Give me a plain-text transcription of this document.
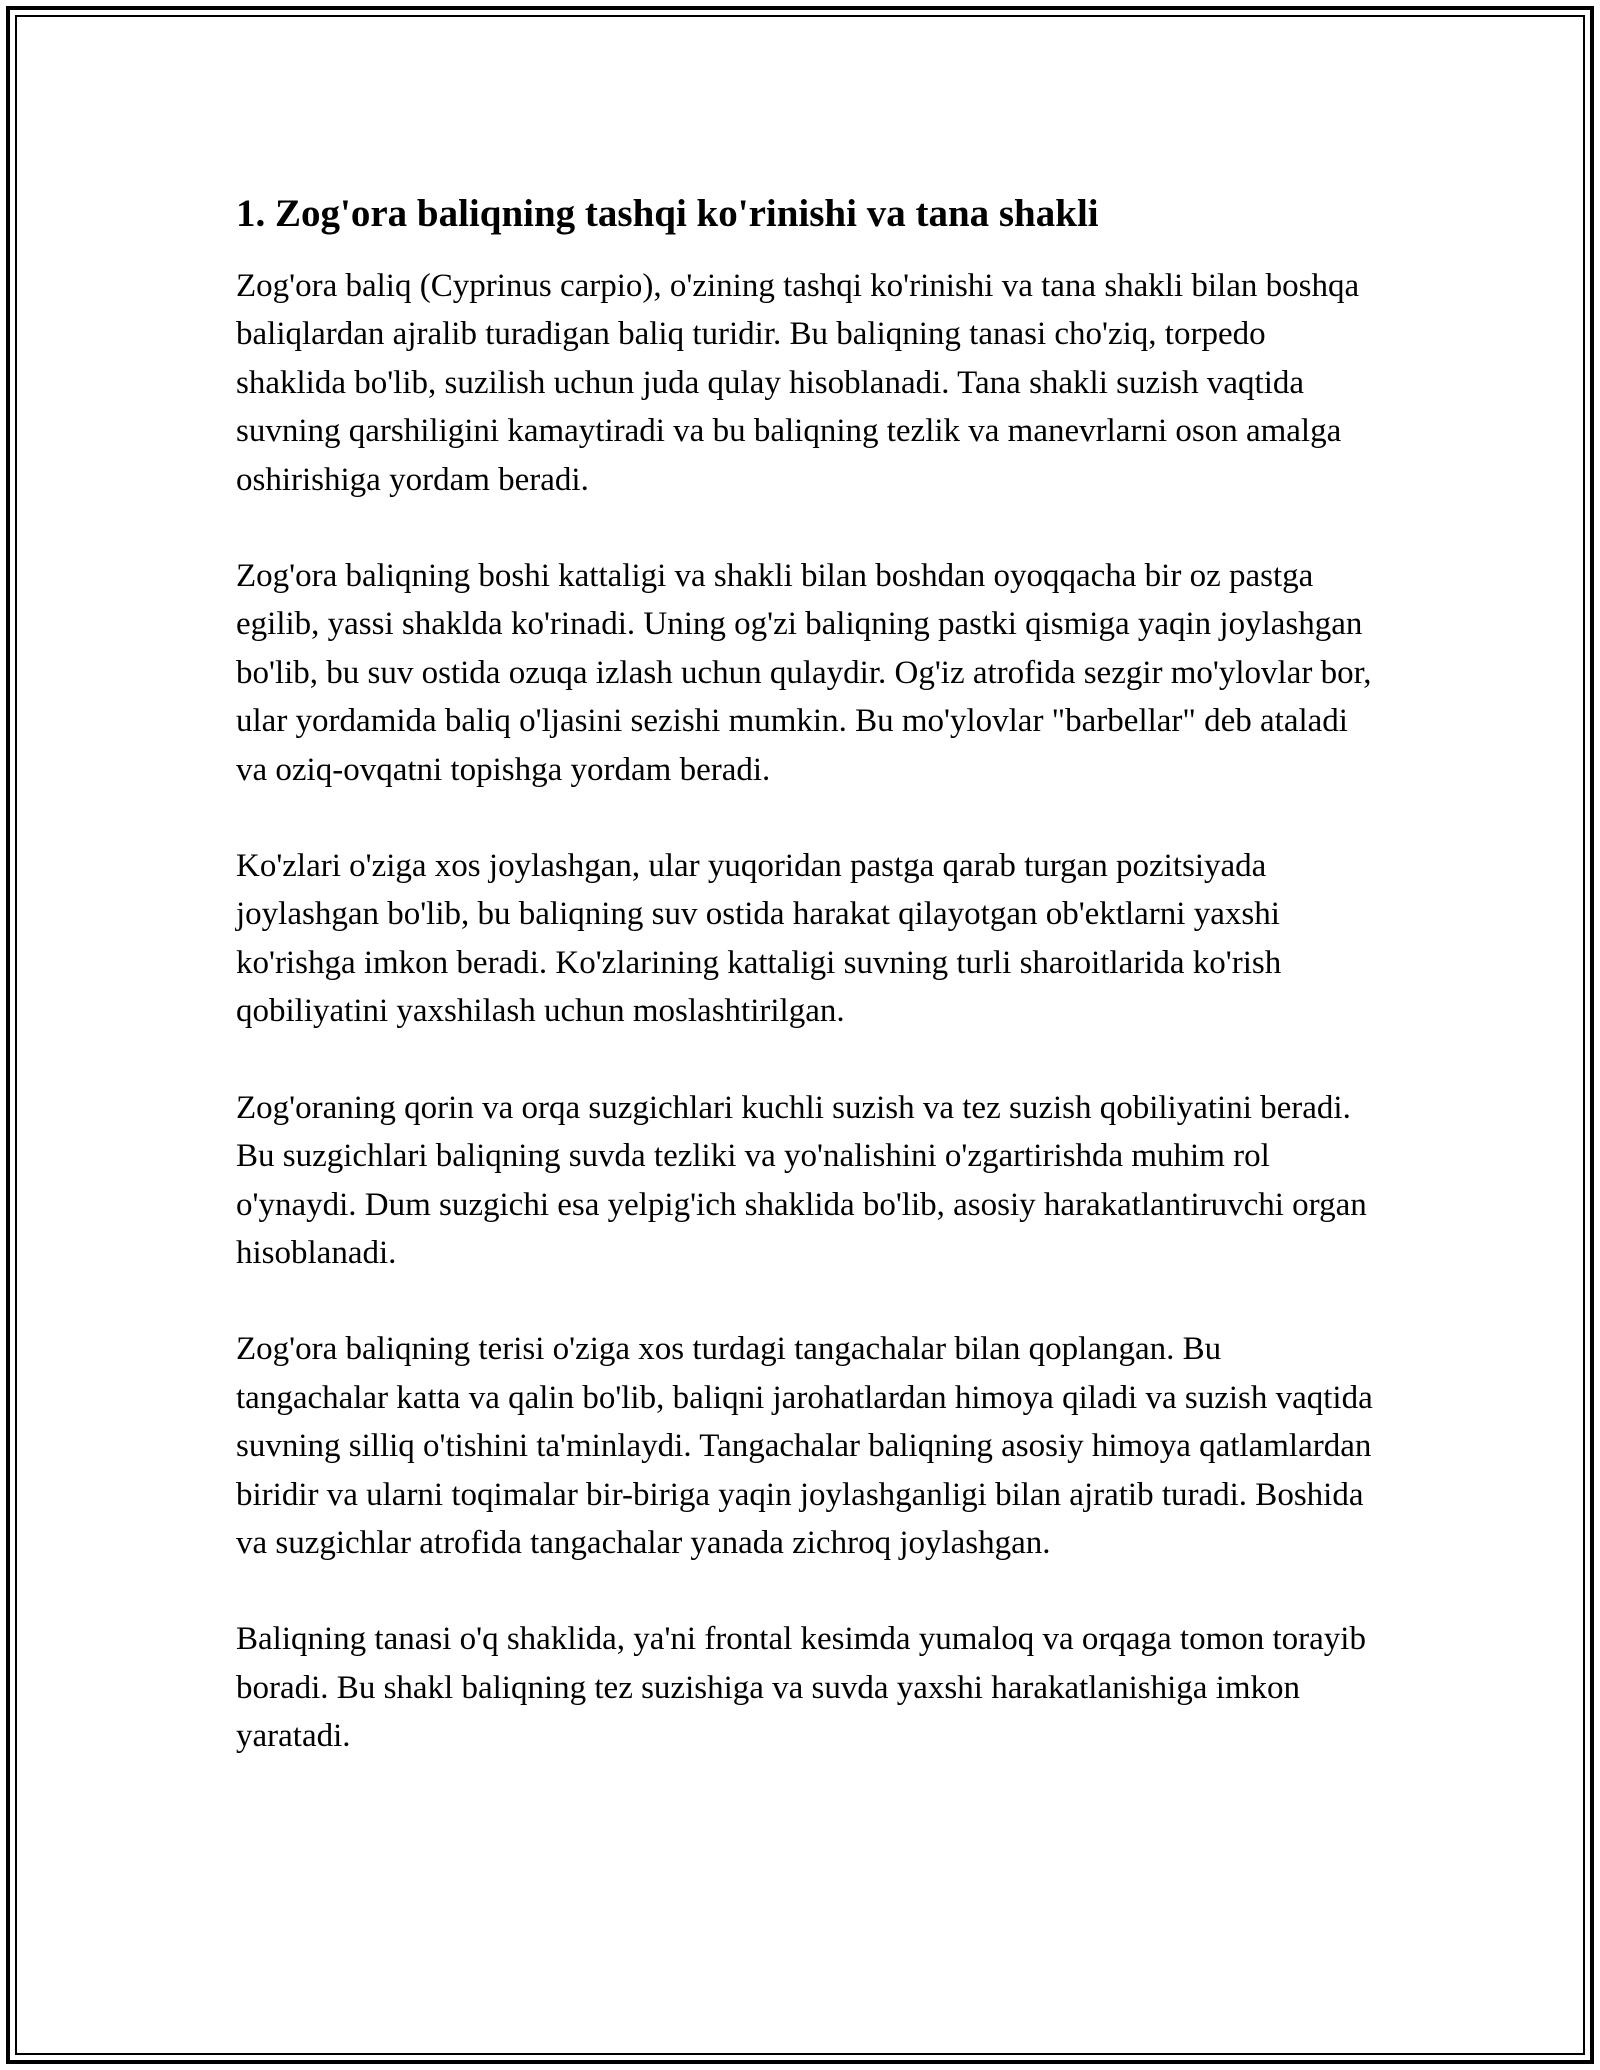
1. Zog'ora baliqning tashqi ko'rinishi va tana shakli

Zog'ora baliq (Cyprinus carpio), o'zining tashqi ko'rinishi va tana shakli bilan boshqa baliqlardan ajralib turadigan baliq turidir. Bu baliqning tanasi cho'ziq, torpedo shaklida bo'lib, suzilish uchun juda qulay hisoblanadi. Tana shakli suzish vaqtida suvning qarshiligini kamaytiradi va bu baliqning tezlik va manevrlarni oson amalga oshirishiga yordam beradi.

Zog'ora baliqning boshi kattaligi va shakli bilan boshdan oyoqqacha bir oz pastga egilib, yassi shaklda ko'rinadi. Uning og'zi baliqning pastki qismiga yaqin joylashgan bo'lib, bu suv ostida ozuqa izlash uchun qulaydir. Og'iz atrofida sezgir mo'ylovlar bor, ular yordamida baliq o'ljasini sezishi mumkin. Bu mo'ylovlar "barbellar" deb ataladi va oziq-ovqatni topishga yordam beradi.

Ko'zlari o'ziga xos joylashgan, ular yuqoridan pastga qarab turgan pozitsiyada joylashgan bo'lib, bu baliqning suv ostida harakat qilayotgan ob'ektlarni yaxshi ko'rishga imkon beradi. Ko'zlarining kattaligi suvning turli sharoitlarida ko'rish qobiliyatini yaxshilash uchun moslashtirilgan.

Zog'oraning qorin va orqa suzgichlari kuchli suzish va tez suzish qobiliyatini beradi. Bu suzgichlari baliqning suvda tezliki va yo'nalishini o'zgartirishda muhim rol o'ynaydi. Dum suzgichi esa yelpig'ich shaklida bo'lib, asosiy harakatlantiruvchi organ hisoblanadi.

Zog'ora baliqning terisi o'ziga xos turdagi tangachalar bilan qoplangan. Bu tangachalar katta va qalin bo'lib, baliqni jarohatlardan himoya qiladi va suzish vaqtida suvning silliq o'tishini ta'minlaydi. Tangachalar baliqning asosiy himoya qatlamlardan biridir va ularni toqimalar bir-biriga yaqin joylashganligi bilan ajratib turadi. Boshida va suzgichlar atrofida tangachalar yanada zichroq joylashgan.

Baliqning tanasi o'q shaklida, ya'ni frontal kesimda yumaloq va orqaga tomon torayib boradi. Bu shakl baliqning tez suzishiga va suvda yaxshi harakatlanishiga imkon yaratadi.
